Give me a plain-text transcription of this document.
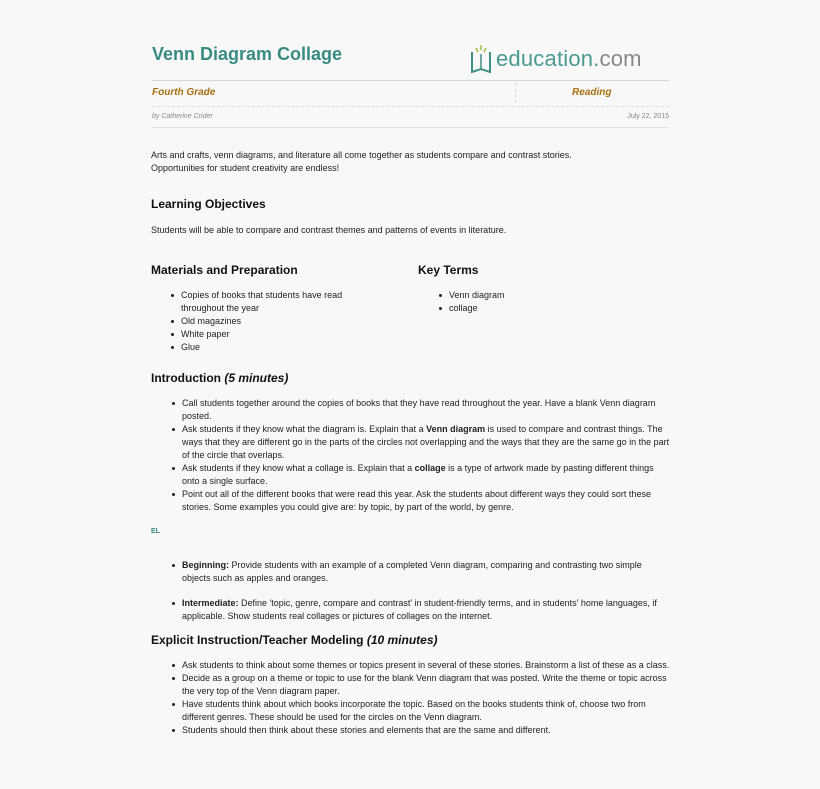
Venn Diagram Collage	education.com
Fourth Grade	Reading
by Catherine Crider	July 22, 2015
Arts and crafts, venn diagrams, and literature all come together as students compare and contrast stories.
Opportunities for student creativity are endless!
Learning Objectives
Students will be able to compare and contrast themes and patterns of events in literature.
Materials and Preparation
Copies of books that students have read throughout the year
Old magazines
White paper
Glue
Key Terms
Venn diagram
collage
Introduction (5 minutes)
Call students together around the copies of books that they have read throughout the year. Have a blank Venn diagram posted.
Ask students if they know what the diagram is. Explain that a Venn diagram is used to compare and contrast things. The ways that they are different go in the parts of the circles not overlapping and the ways that they are the same go in the part of the circle that overlaps.
Ask students if they know what a collage is. Explain that a collage is a type of artwork made by pasting different things onto a single surface.
Point out all of the different books that were read this year. Ask the students about different ways they could sort these stories. Some examples you could give are: by topic, by part of the world, by genre.
EL
Beginning: Provide students with an example of a completed Venn diagram, comparing and contrasting two simple objects such as apples and oranges.
Intermediate: Define 'topic, genre, compare and contrast' in student-friendly terms, and in students' home languages, if applicable. Show students real collages or pictures of collages on the internet.
Explicit Instruction/Teacher Modeling (10 minutes)
Ask students to think about some themes or topics present in several of these stories. Brainstorm a list of these as a class.
Decide as a group on a theme or topic to use for the blank Venn diagram that was posted. Write the theme or topic across the very top of the Venn diagram paper.
Have students think about which books incorporate the topic. Based on the books students think of, choose two from different genres. These should be used for the circles on the Venn diagram.
Students should then think about these stories and elements that are the same and different.
